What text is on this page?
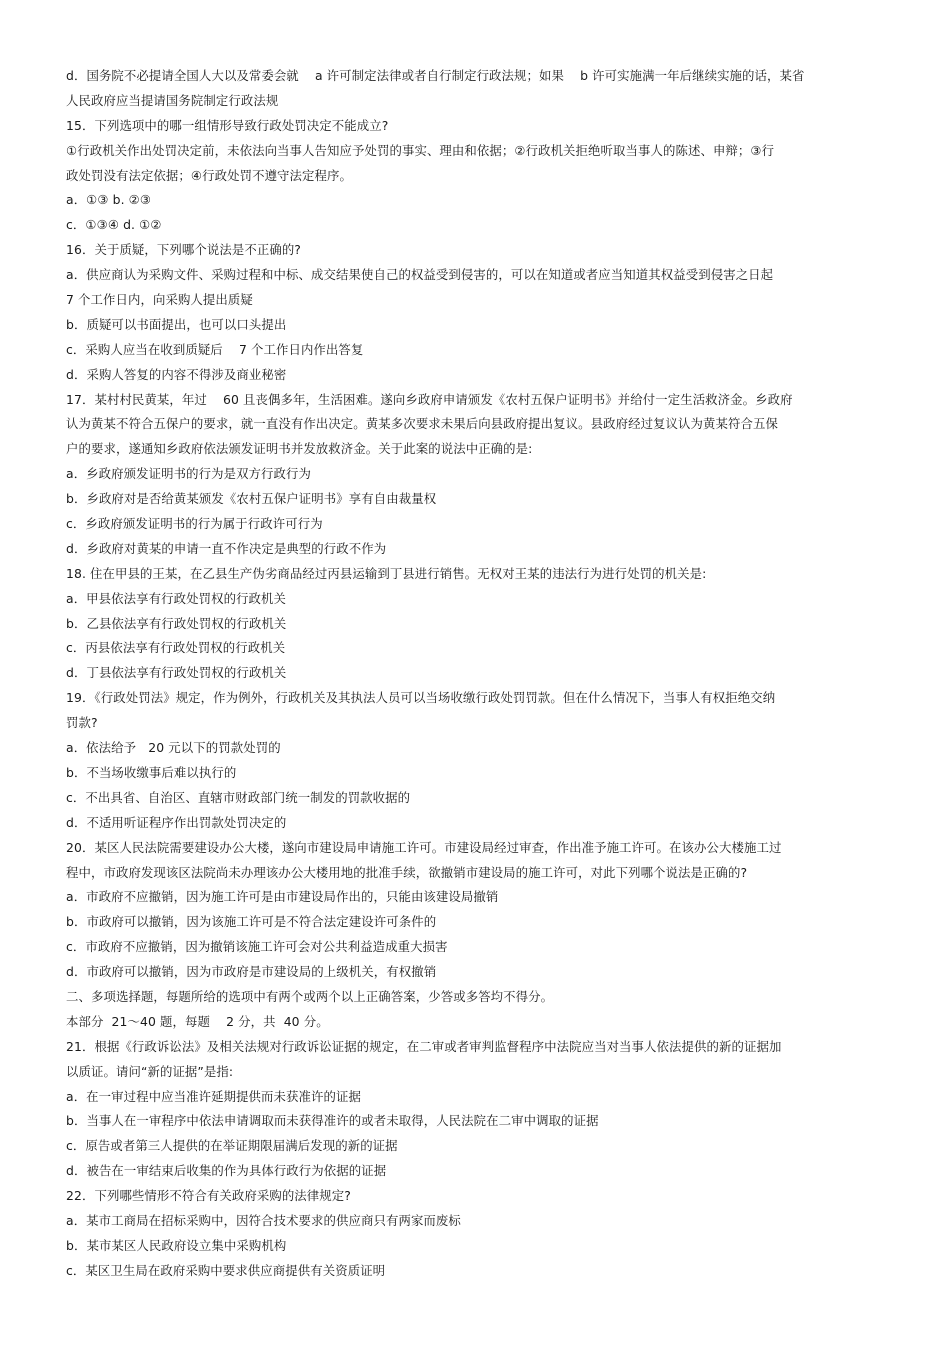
d．国务院不必提请全国人大以及常委会就    a 许可制定法律或者自行制定行政法规；如果    b 许可实施满一年后继续实施的话，某省
人民政府应当提请国务院制定行政法规
15．下列选项中的哪一组情形导致行政处罚决定不能成立?
①行政机关作出处罚决定前，未依法向当事人告知应予处罚的事实、理由和依据；②行政机关拒绝听取当事人的陈述、申辩；③行
政处罚没有法定依据；④行政处罚不遵守法定程序。
a．①③ b. ②③
c．①③④ d. ①②
16．关于质疑，下列哪个说法是不正确的?
a．供应商认为采购文件、采购过程和中标、成交结果使自己的权益受到侵害的，可以在知道或者应当知道其权益受到侵害之日起
7 个工作日内，向采购人提出质疑
b．质疑可以书面提出，也可以口头提出
c．采购人应当在收到质疑后    7 个工作日内作出答复
d．采购人答复的内容不得涉及商业秘密
17．某村村民黄某，年过    60 且丧偶多年，生活困难。遂向乡政府申请颁发《农村五保户证明书》并给付一定生活救济金。乡政府
认为黄某不符合五保户的要求，就一直没有作出决定。黄某多次要求未果后向县政府提出复议。县政府经过复议认为黄某符合五保
户的要求，遂通知乡政府依法颁发证明书并发放救济金。关于此案的说法中正确的是:
a．乡政府颁发证明书的行为是双方行政行为
b．乡政府对是否给黄某颁发《农村五保户证明书》享有自由裁量权
c．乡政府颁发证明书的行为属于行政许可行为
d．乡政府对黄某的申请一直不作决定是典型的行政不作为
18. 住在甲县的王某，在乙县生产伪劣商品经过丙县运输到丁县进行销售。无权对王某的违法行为进行处罚的机关是:
a．甲县依法享有行政处罚权的行政机关
b．乙县依法享有行政处罚权的行政机关
c．丙县依法享有行政处罚权的行政机关
d．丁县依法享有行政处罚权的行政机关
19．《行政处罚法》规定，作为例外，行政机关及其执法人员可以当场收缴行政处罚罚款。但在什么情况下，当事人有权拒绝交纳
罚款?
a．依法给予   20 元以下的罚款处罚的
b．不当场收缴事后难以执行的
c．不出具省、自治区、直辖市财政部门统一制发的罚款收据的
d．不适用听证程序作出罚款处罚决定的
20．某区人民法院需要建设办公大楼，遂向市建设局申请施工许可。市建设局经过审查，作出准予施工许可。在该办公大楼施工过
程中，市政府发现该区法院尚未办理该办公大楼用地的批准手续，欲撤销市建设局的施工许可，对此下列哪个说法是正确的?
a．市政府不应撤销，因为施工许可是由市建设局作出的，只能由该建设局撤销
b．市政府可以撤销，因为该施工许可是不符合法定建设许可条件的
c．市政府不应撤销，因为撤销该施工许可会对公共利益造成重大损害
d．市政府可以撤销，因为市政府是市建设局的上级机关，有权撤销
二、多项选择题，每题所给的选项中有两个或两个以上正确答案，少答或多答均不得分。
本部分  21～40 题，每题    2 分，共  40 分。
21．根据《行政诉讼法》及相关法规对行政诉讼证据的规定，在二审或者审判监督程序中法院应当对当事人依法提供的新的证据加
以质证。请问“新的证据”是指:
a．在一审过程中应当准许延期提供而未获准许的证据
b．当事人在一审程序中依法申请调取而未获得准许的或者未取得，人民法院在二审中调取的证据
c．原告或者第三人提供的在举证期限届满后发现的新的证据
d．被告在一审结束后收集的作为具体行政行为依据的证据
22．下列哪些情形不符合有关政府采购的法律规定?
a．某市工商局在招标采购中，因符合技术要求的供应商只有两家而废标
b．某市某区人民政府设立集中采购机构
c．某区卫生局在政府采购中要求供应商提供有关资质证明
